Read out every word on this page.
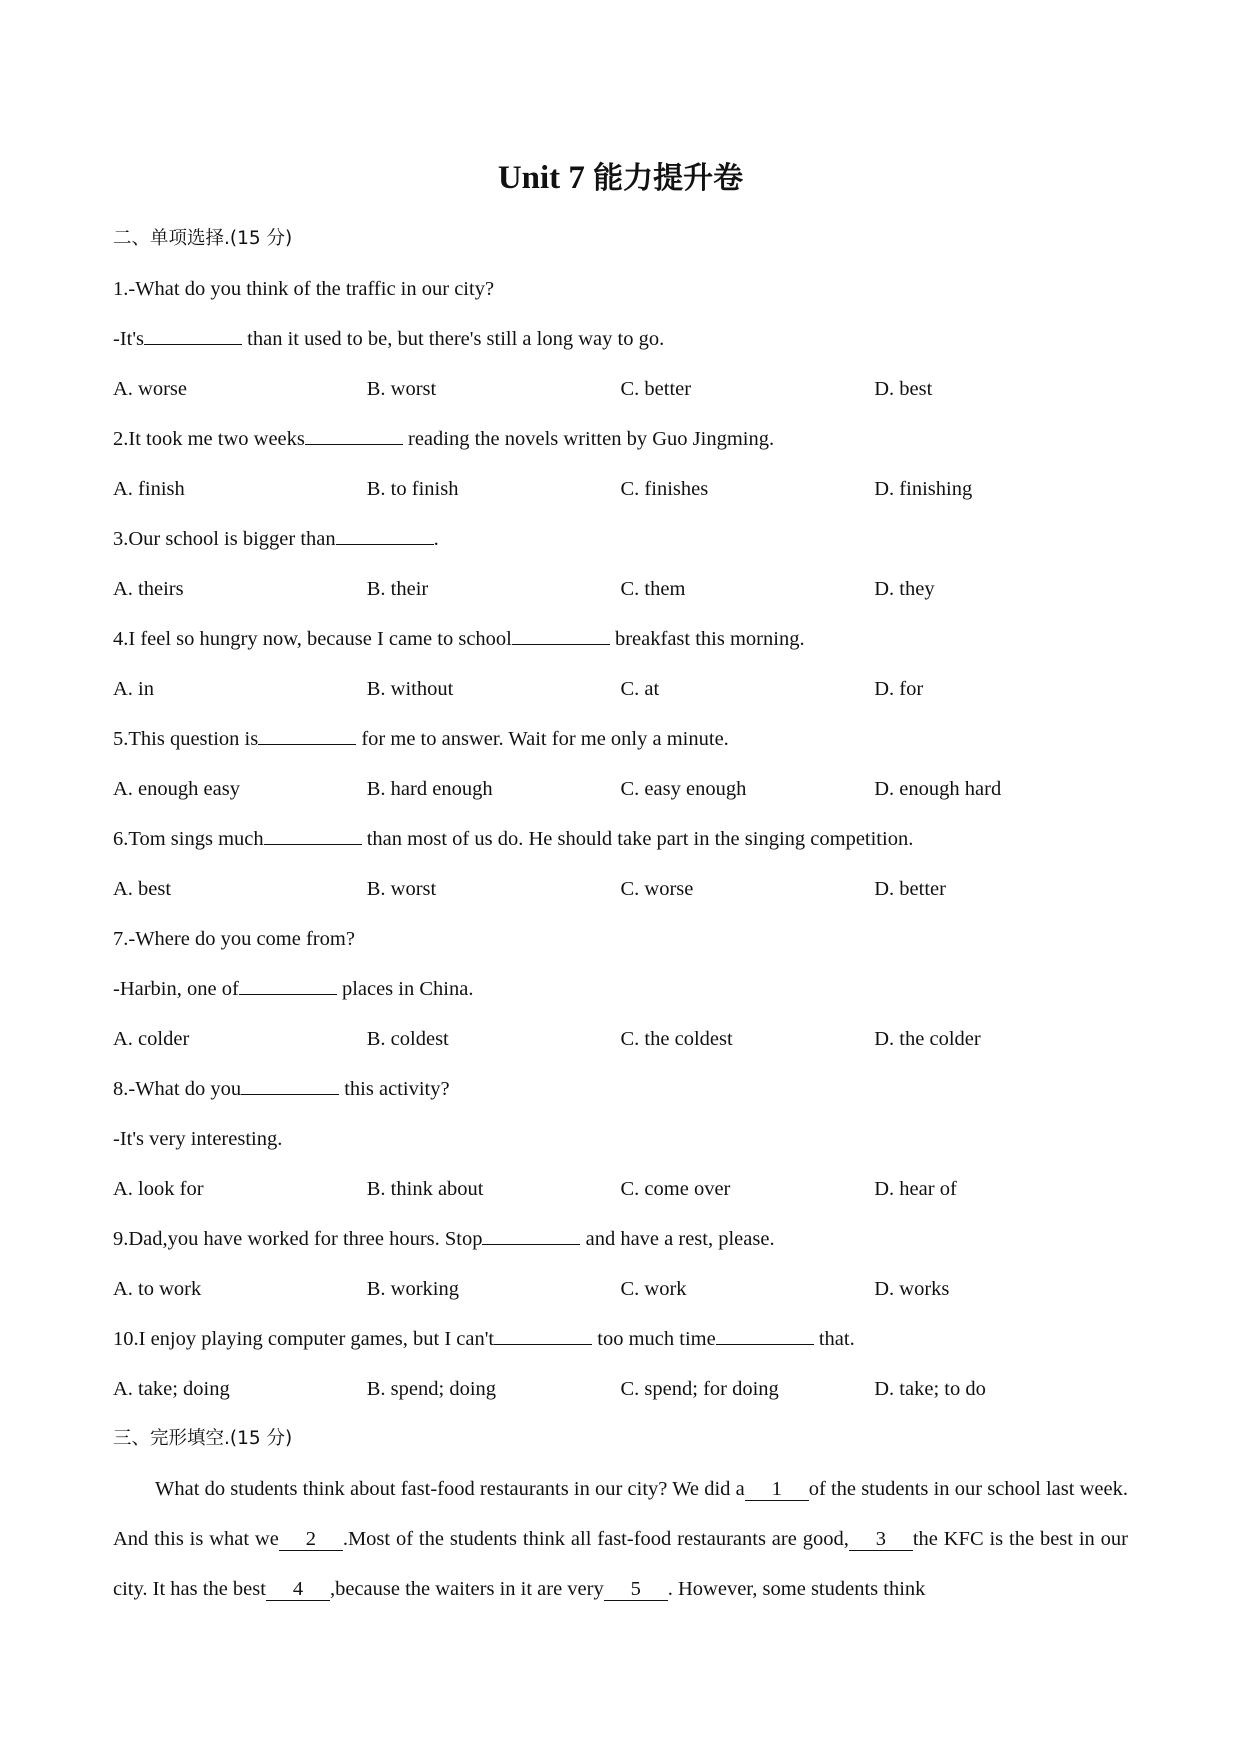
Unit 7 能力提升卷
二、单项选择.(15 分)
1.-What do you think of the traffic in our city?
-It's	than it used to be, but there's still a long way to go.
A. worse	B. worst	C. better	D. best
2.It took me two weeks	reading the novels written by Guo Jingming.
A. finish	B. to finish	C. finishes	D. finishing
3.Our school is bigger than	.
A. theirs	B. their	C. them	D. they
4.I feel so hungry now, because I came to school	breakfast this morning.
A. in	B. without	C. at	D. for
5.This question is	for me to answer. Wait for me only a minute.
A. enough easy	B. hard enough	C. easy enough	D. enough hard
6.Tom sings much	than most of us do. He should take part in the singing competition.
A. best	B. worst	C. worse	D. better
7.-Where do you come from?
-Harbin, one of	places in China.
A. colder	B. coldest	C. the coldest	D. the colder
8.-What do you	this activity?
-It's very interesting.
A. look for	B. think about	C. come over	D. hear of
9.Dad,you have worked for three hours. Stop	and have a rest, please.
A. to work	B. working	C. work	D. works
10.I enjoy playing computer games, but I can't	too much time	that.
A. take; doing	B. spend; doing	C. spend; for doing	D. take; to do
三、完形填空.(15 分)

What do students think about fast-food restaurants in our city? We did a 1 of the students in our school last week. And this is what we 2 .Most of the students think all fast-food restaurants are good, 3 the KFC is the best in our city. It has the best 4 ,because the waiters in it are very 5 . However, some students think
